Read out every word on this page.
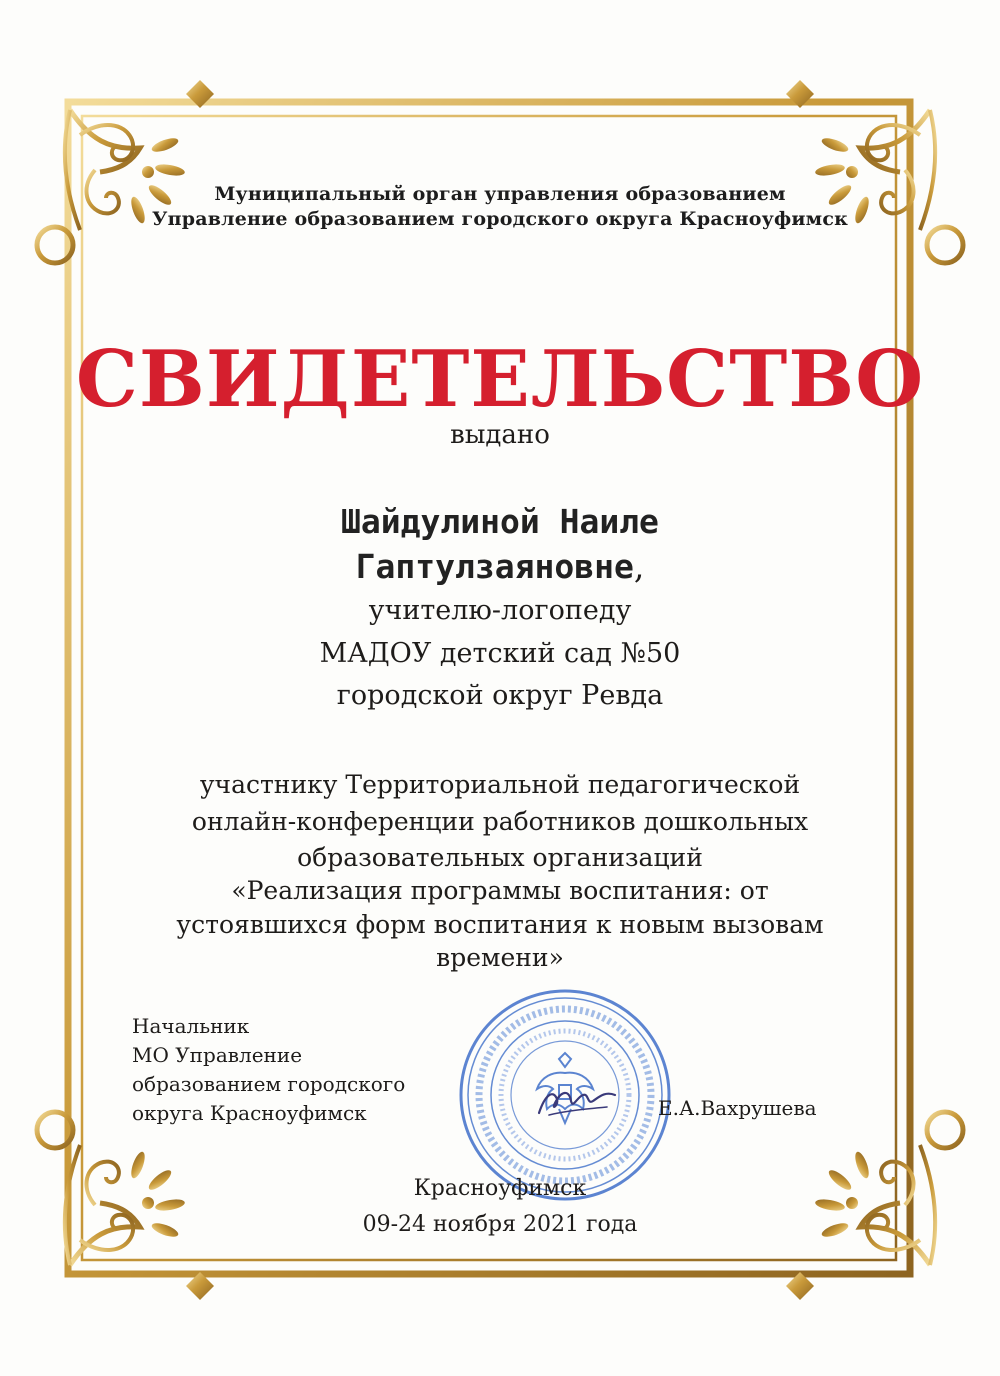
Муниципальный орган управления образованием

Управление образованием городского округа Красноуфимск

СВИДЕТЕЛЬСТВО

выдано

Шайдулиной Наиле

Гаптулзаяновне,

учителю-логопеду

МАДОУ детский сад №50

городской округ Ревда

участнику Территориальной педагогической

онлайн-конференции работников дошкольных

образовательных организаций

«Реализация программы воспитания: от

устоявшихся форм воспитания к новым вызовам

времени»

Начальник

МО Управление

образованием городского

округа Красноуфимск	Е.А.Вахрушева

Красноуфимск

09-24 ноября 2021 года
